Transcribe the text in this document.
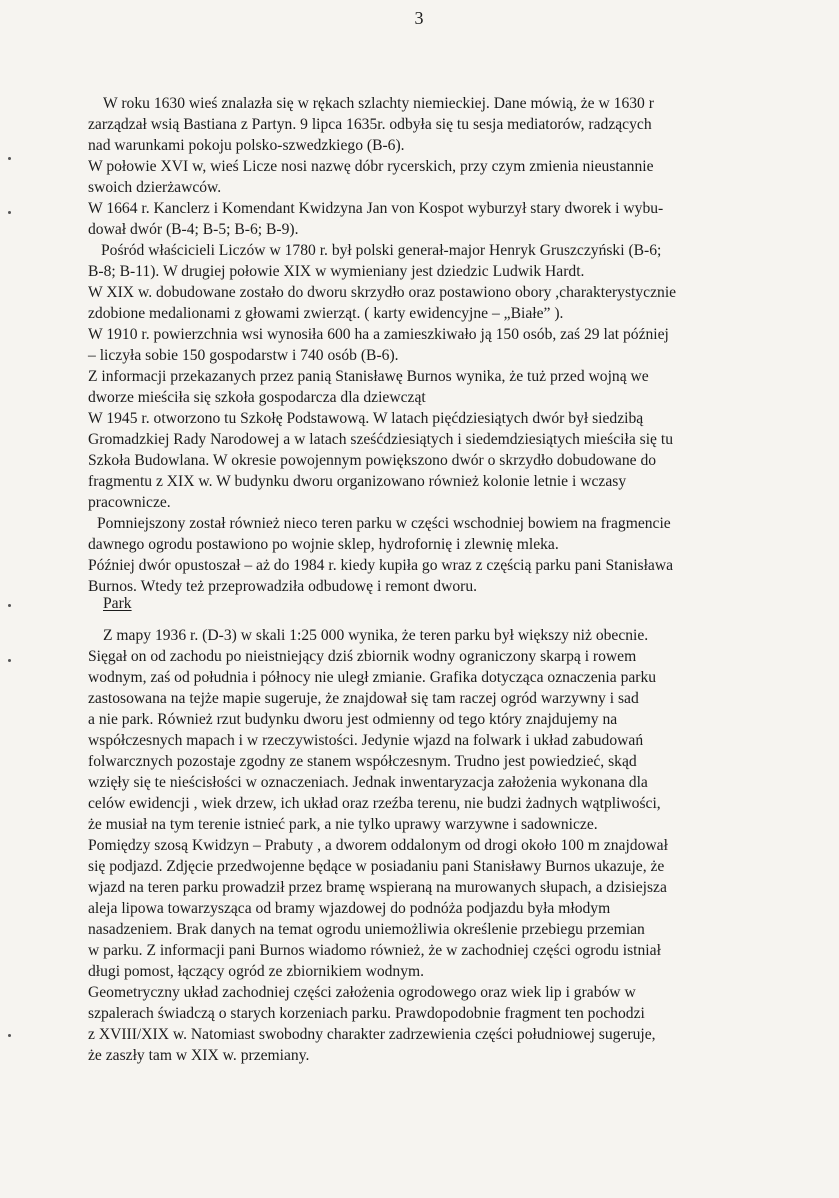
3
W roku 1630 wieś znalazła się w rękach szlachty niemieckiej. Dane mówią, że w 1630 r
zarządzał wsią Bastiana z Partyn. 9 lipca 1635r. odbyła się tu sesja mediatorów, radzących
nad warunkami pokoju polsko-szwedzkiego (B-6).
W połowie XVI w, wieś Licze nosi nazwę dóbr rycerskich, przy czym zmienia nieustannie
swoich dzierżawców.
W 1664 r. Kanclerz i Komendant Kwidzyna Jan von Kospot wyburzył stary dworek i wybu-
dował dwór (B-4; B-5; B-6; B-9).
Pośród właścicieli Liczów w 1780 r. był polski generał-major Henryk Gruszczyński (B-6;
B-8; B-11). W drugiej połowie XIX w wymieniany jest dziedzic Ludwik Hardt.
W XIX w. dobudowane zostało do dworu skrzydło oraz postawiono obory ,charakterystycznie
zdobione medalionami z głowami zwierząt. ( karty ewidencyjne – „Białe” ).
W 1910 r. powierzchnia wsi wynosiła 600 ha a zamieszkiwało ją 150 osób, zaś 29 lat później
– liczyła sobie 150 gospodarstw i 740 osób (B-6).
Z informacji przekazanych przez panią Stanisławę Burnos wynika, że tuż przed wojną we
dworze mieściła się szkoła gospodarcza dla dziewcząt
W 1945 r. otworzono tu Szkołę Podstawową. W latach pięćdziesiątych dwór był siedzibą
Gromadzkiej Rady Narodowej a w latach sześćdziesiątych i siedemdziesiątych mieściła się tu
Szkoła Budowlana. W okresie powojennym powiększono dwór o skrzydło dobudowane do
fragmentu z XIX w. W budynku dworu organizowano również kolonie letnie i wczasy
pracownicze.
Pomniejszony został również nieco teren parku w części wschodniej bowiem na fragmencie
dawnego ogrodu postawiono po wojnie sklep, hydrofornię i zlewnię mleka.
Później dwór opustoszał – aż do 1984 r. kiedy kupiła go wraz z częścią parku pani Stanisława
Burnos. Wtedy też przeprowadziła odbudowę i remont dworu.
Park
Z mapy 1936 r. (D-3) w skali 1:25 000 wynika, że teren parku był większy niż obecnie.
Sięgał on od zachodu po nieistniejący dziś zbiornik wodny ograniczony skarpą i rowem
wodnym, zaś od południa i północy nie uległ zmianie. Grafika dotycząca oznaczenia parku
zastosowana na tejże mapie sugeruje, że znajdował się tam raczej ogród warzywny i sad
a nie park. Również rzut budynku dworu jest odmienny od tego który znajdujemy na
współczesnych mapach i w rzeczywistości. Jedynie wjazd na folwark i układ zabudowań
folwarcznych pozostaje zgodny ze stanem współczesnym. Trudno jest powiedzieć, skąd
wzięły się te nieścisłości w oznaczeniach. Jednak inwentaryzacja założenia wykonana dla
celów ewidencji , wiek drzew, ich układ oraz rzeźba terenu, nie budzi żadnych wątpliwości,
że musiał na tym terenie istnieć park, a nie tylko uprawy warzywne i sadownicze.
Pomiędzy szosą Kwidzyn – Prabuty , a dworem oddalonym od drogi około 100 m znajdował
się podjazd. Zdjęcie przedwojenne będące w posiadaniu pani Stanisławy Burnos ukazuje, że
wjazd na teren parku prowadził przez bramę wspieraną na murowanych słupach, a dzisiejsza
aleja lipowa towarzysząca od bramy wjazdowej do podnóża podjazdu była młodym
nasadzeniem. Brak danych na temat ogrodu uniemożliwia określenie przebiegu przemian
w parku. Z informacji pani Burnos wiadomo również, że w zachodniej części ogrodu istniał
długi pomost, łączący ogród ze zbiornikiem wodnym.
Geometryczny układ zachodniej części założenia ogrodowego oraz wiek lip i grabów w
szpalerach świadczą o starych korzeniach parku. Prawdopodobnie fragment ten pochodzi
z XVIII/XIX w. Natomiast swobodny charakter zadrzewienia części południowej sugeruje,
że zaszły tam w XIX w. przemiany.
